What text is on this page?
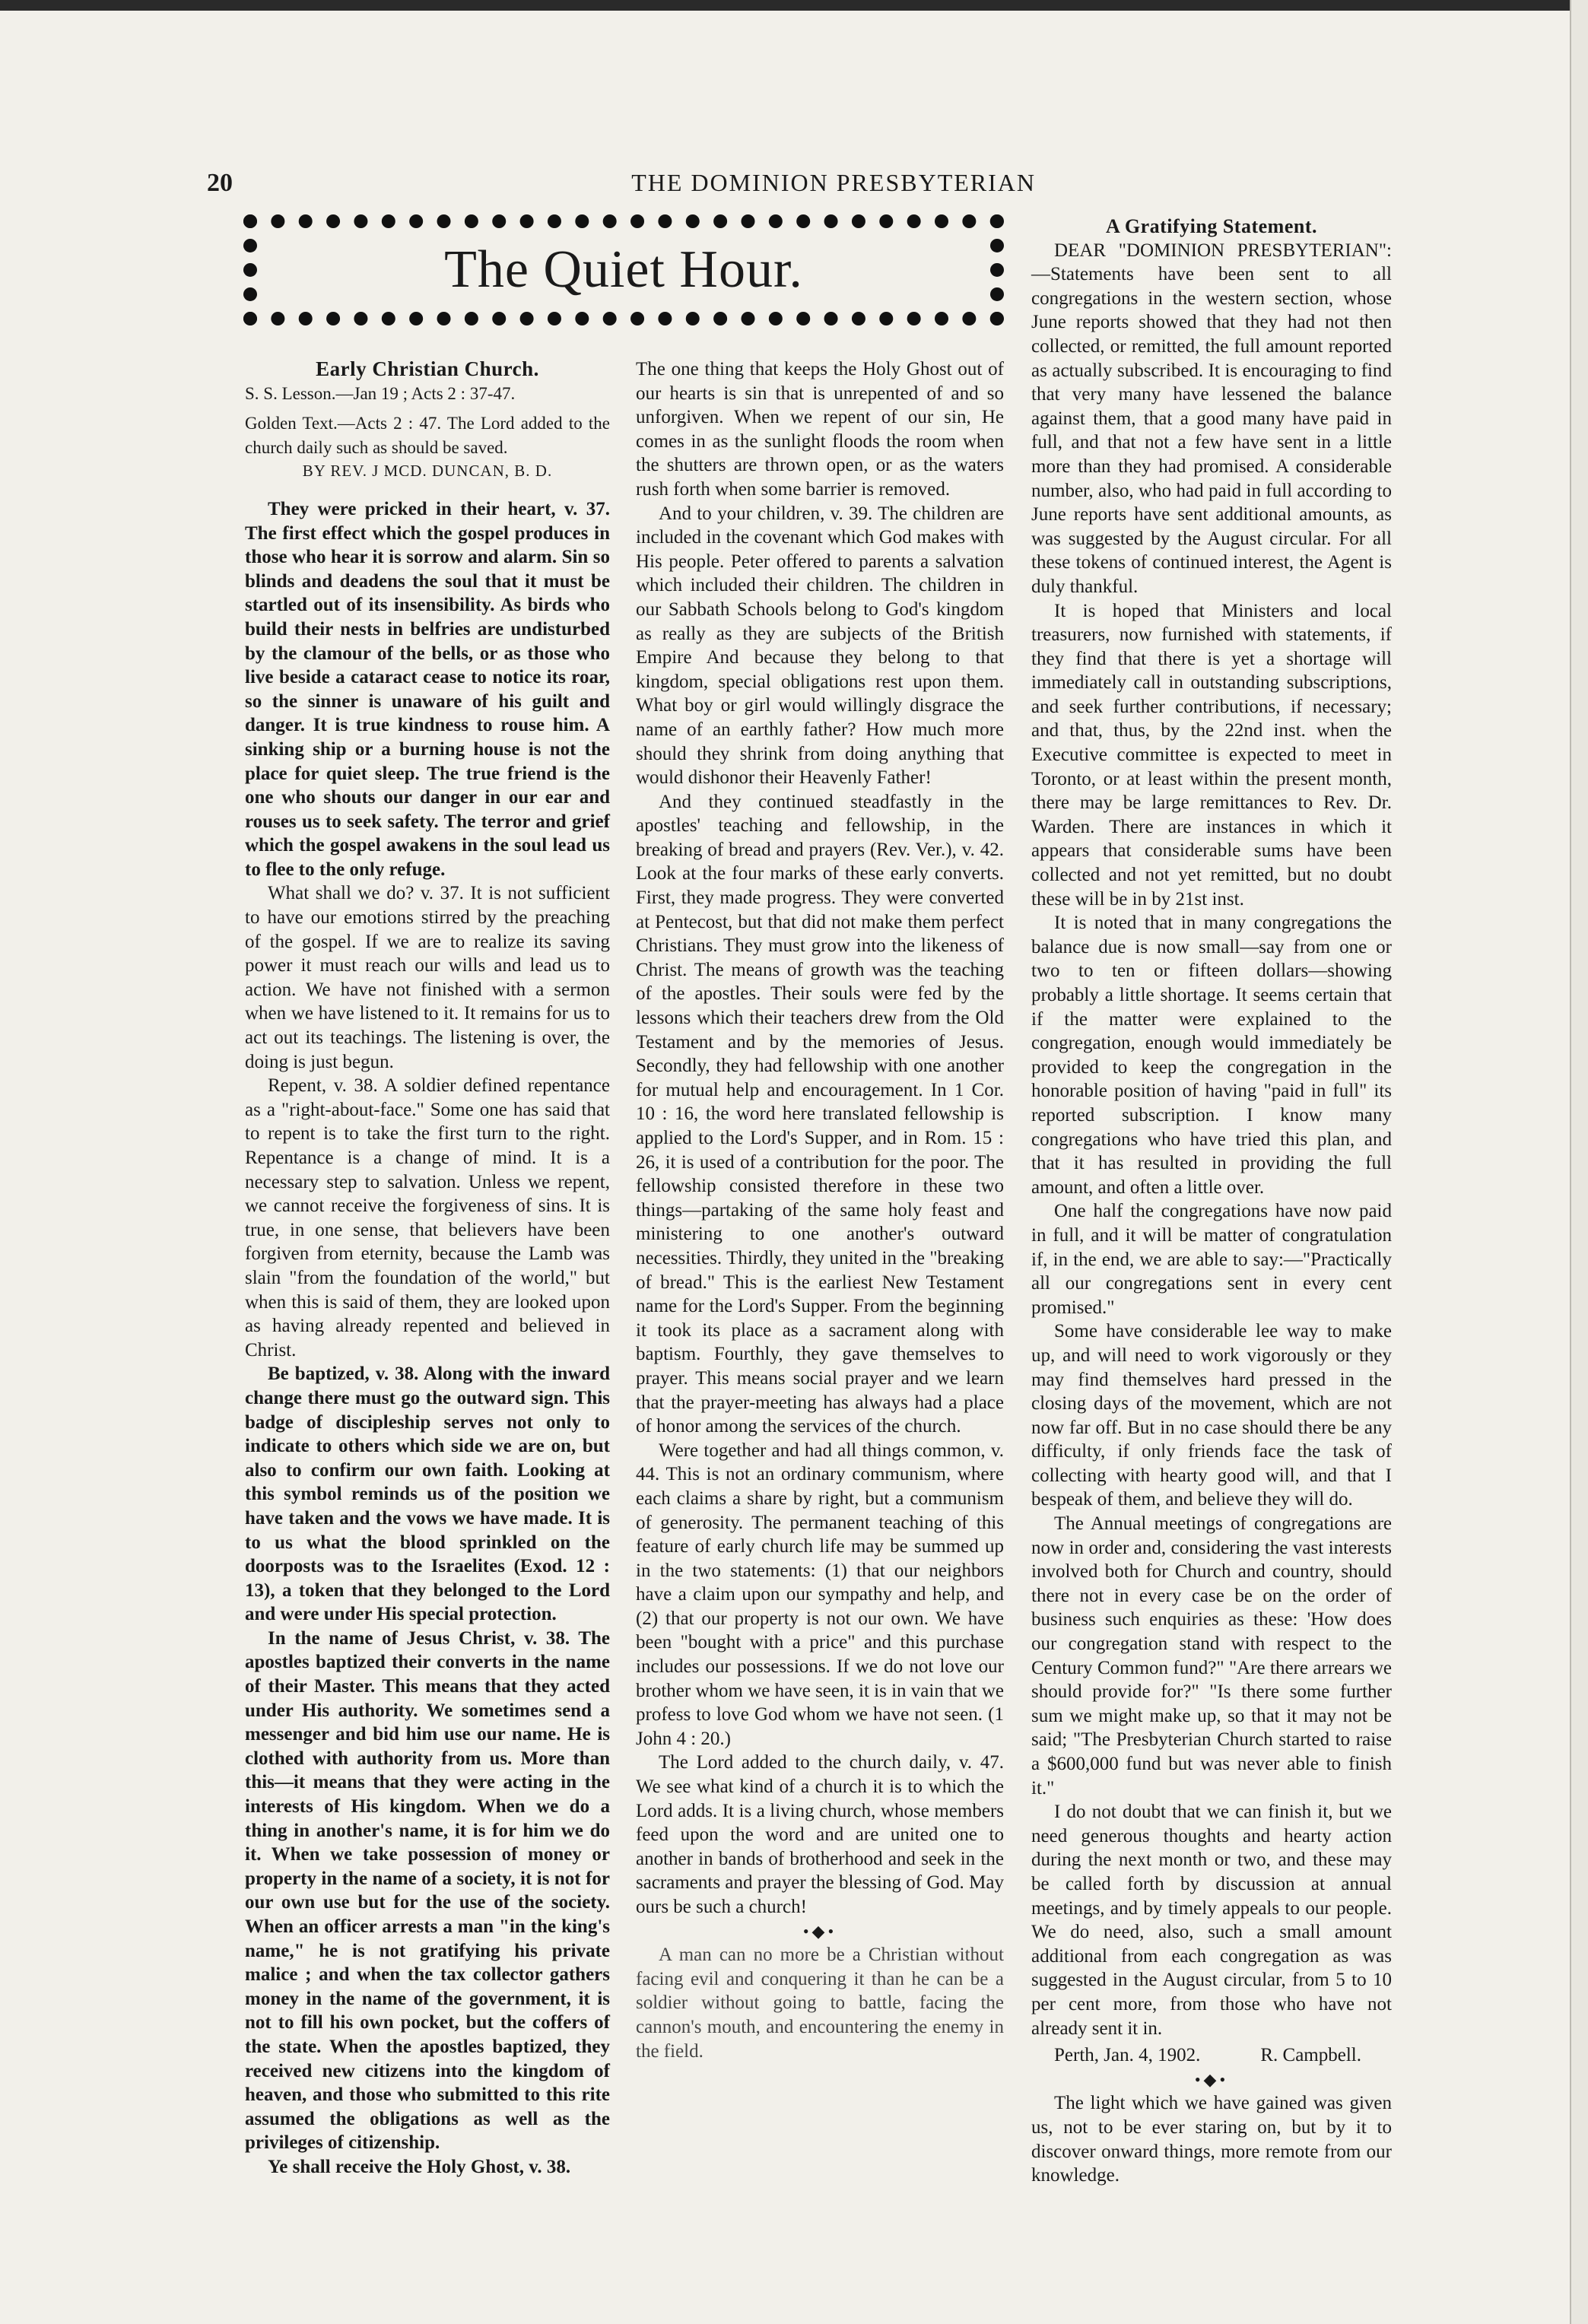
20	THE DOMINION PRESBYTERIAN
The Quiet Hour.

Early Christian Church.

S. S. Lesson.—Jan 19 ; Acts 2 : 37-47.

Golden Text.—Acts 2 : 47. The Lord added to the church daily such as should be saved.

BY REV. J MCD. DUNCAN, B. D.

They were pricked in their heart, v. 37. The first effect which the gospel produces in those who hear it is sorrow and alarm. Sin so blinds and deadens the soul that it must be startled out of its insensibility. As birds who build their nests in belfries are undisturbed by the clamour of the bells, or as those who live beside a cataract cease to notice its roar, so the sinner is unaware of his guilt and danger. It is true kindness to rouse him. A sinking ship or a burning house is not the place for quiet sleep. The true friend is the one who shouts our danger in our ear and rouses us to seek safety. The terror and grief which the gospel awakens in the soul lead us to flee to the only refuge.

What shall we do? v. 37. It is not sufficient to have our emotions stirred by the preaching of the gospel. If we are to realize its saving power it must reach our wills and lead us to action. We have not finished with a sermon when we have listened to it. It remains for us to act out its teachings. The listening is over, the doing is just begun.

Repent, v. 38. A soldier defined repentance as a "right-about-face." Some one has said that to repent is to take the first turn to the right. Repentance is a change of mind. It is a necessary step to salvation. Unless we repent, we cannot receive the forgiveness of sins. It is true, in one sense, that believers have been forgiven from eternity, because the Lamb was slain "from the foundation of the world," but when this is said of them, they are looked upon as having already repented and believed in Christ.

Be baptized, v. 38. Along with the inward change there must go the outward sign. This badge of discipleship serves not only to indicate to others which side we are on, but also to confirm our own faith. Looking at this symbol reminds us of the position we have taken and the vows we have made. It is to us what the blood sprinkled on the doorposts was to the Israelites (Exod. 12 : 13), a token that they belonged to the Lord and were under His special protection.

In the name of Jesus Christ, v. 38. The apostles baptized their converts in the name of their Master. This means that they acted under His authority. We sometimes send a messenger and bid him use our name. He is clothed with authority from us. More than this—it means that they were acting in the interests of His kingdom. When we do a thing in another's name, it is for him we do it. When we take possession of money or property in the name of a society, it is not for our own use but for the use of the society. When an officer arrests a man "in the king's name," he is not gratifying his private malice ; and when the tax collector gathers money in the name of the government, it is not to fill his own pocket, but the coffers of the state. When the apostles baptized, they received new citizens into the kingdom of heaven, and those who submitted to this rite assumed the obligations as well as the privileges of citizenship.

Ye shall receive the Holy Ghost, v. 38.

The one thing that keeps the Holy Ghost out of our hearts is sin that is unrepented of and so unforgiven. When we repent of our sin, He comes in as the sunlight floods the room when the shutters are thrown open, or as the waters rush forth when some barrier is removed.

And to your children, v. 39. The children are included in the covenant which God makes with His people. Peter offered to parents a salvation which included their children. The children in our Sabbath Schools belong to God's kingdom as really as they are subjects of the British Empire And because they belong to that kingdom, special obligations rest upon them. What boy or girl would willingly disgrace the name of an earthly father? How much more should they shrink from doing anything that would dishonor their Heavenly Father!

And they continued steadfastly in the apostles' teaching and fellowship, in the breaking of bread and prayers (Rev. Ver.), v. 42. Look at the four marks of these early converts. First, they made progress. They were converted at Pentecost, but that did not make them perfect Christians. They must grow into the likeness of Christ. The means of growth was the teaching of the apostles. Their souls were fed by the lessons which their teachers drew from the Old Testament and by the memories of Jesus. Secondly, they had fellowship with one another for mutual help and encouragement. In 1 Cor. 10 : 16, the word here translated fellowship is applied to the Lord's Supper, and in Rom. 15 : 26, it is used of a contribution for the poor. The fellowship consisted therefore in these two things—partaking of the same holy feast and ministering to one another's outward necessities. Thirdly, they united in the "breaking of bread." This is the earliest New Testament name for the Lord's Supper. From the beginning it took its place as a sacrament along with baptism. Fourthly, they gave themselves to prayer. This means social prayer and we learn that the prayer-meeting has always had a place of honor among the services of the church.

Were together and had all things common, v. 44. This is not an ordinary communism, where each claims a share by right, but a communism of generosity. The permanent teaching of this feature of early church life may be summed up in the two statements: (1) that our neighbors have a claim upon our sympathy and help, and (2) that our property is not our own. We have been "bought with a price" and this purchase includes our possessions. If we do not love our brother whom we have seen, it is in vain that we profess to love God whom we have not seen. (1 John 4 : 20.)

The Lord added to the church daily, v. 47. We see what kind of a church it is to which the Lord adds. It is a living church, whose members feed upon the word and are united one to another in bands of brotherhood and seek in the sacraments and prayer the blessing of God. May ours be such a church!

•◆•

A man can no more be a Christian without facing evil and conquering it than he can be a soldier without going to battle, facing the cannon's mouth, and encountering the enemy in the field.

A Gratifying Statement.

DEAR "DOMINION PRESBYTERIAN":—Statements have been sent to all congregations in the western section, whose June reports showed that they had not then collected, or remitted, the full amount reported as actually subscribed. It is encouraging to find that very many have lessened the balance against them, that a good many have paid in full, and that not a few have sent in a little more than they had promised. A considerable number, also, who had paid in full according to June reports have sent additional amounts, as was suggested by the August circular. For all these tokens of continued interest, the Agent is duly thankful.

It is hoped that Ministers and local treasurers, now furnished with statements, if they find that there is yet a shortage will immediately call in outstanding subscriptions, and seek further contributions, if necessary; and that, thus, by the 22nd inst. when the Executive committee is expected to meet in Toronto, or at least within the present month, there may be large remittances to Rev. Dr. Warden. There are instances in which it appears that considerable sums have been collected and not yet remitted, but no doubt these will be in by 21st inst.

It is noted that in many congregations the balance due is now small—say from one or two to ten or fifteen dollars—showing probably a little shortage. It seems certain that if the matter were explained to the congregation, enough would immediately be provided to keep the congregation in the honorable position of having "paid in full" its reported subscription. I know many congregations who have tried this plan, and that it has resulted in providing the full amount, and often a little over.

One half the congregations have now paid in full, and it will be matter of congratulation if, in the end, we are able to say:—"Practically all our congregations sent in every cent promised."

Some have considerable lee way to make up, and will need to work vigorously or they may find themselves hard pressed in the closing days of the movement, which are not now far off. But in no case should there be any difficulty, if only friends face the task of collecting with hearty good will, and that I bespeak of them, and believe they will do.

The Annual meetings of congregations are now in order and, considering the vast interests involved both for Church and country, should there not in every case be on the order of business such enquiries as these: 'How does our congregation stand with respect to the Century Common fund?" "Are there arrears we should provide for?" "Is there some further sum we might make up, so that it may not be said; "The Presbyterian Church started to raise a $600,000 fund but was never able to finish it."

I do not doubt that we can finish it, but we need generous thoughts and hearty action during the next month or two, and these may be called forth by discussion at annual meetings, and by timely appeals to our people. We do need, also, such a small amount additional from each congregation as was suggested in the August circular, from 5 to 10 per cent more, from those who have not already sent it in.

Perth, Jan. 4, 1902.	R. Campbell.

•◆•

The light which we have gained was given us, not to be ever staring on, but by it to discover onward things, more remote from our knowledge.
